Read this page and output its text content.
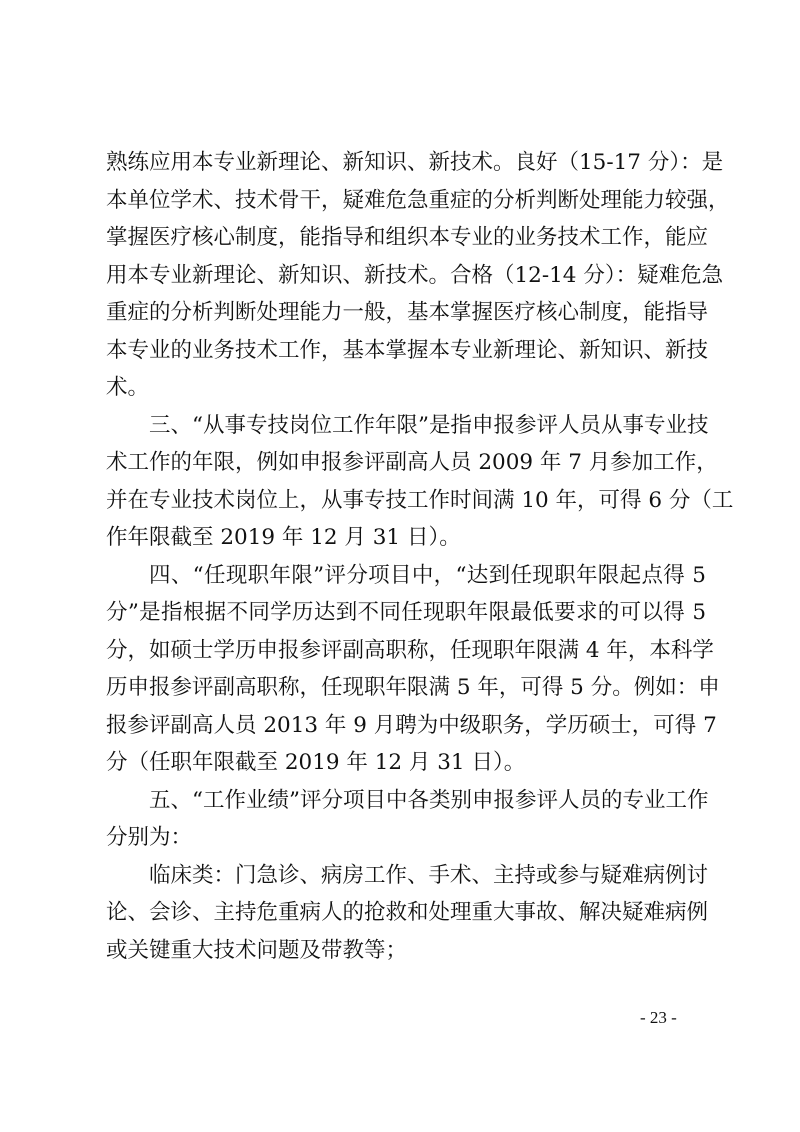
熟练应用本专业新理论、新知识、新技术。良好（15-17 分）：是
本单位学术、技术骨干，疑难危急重症的分析判断处理能力较强，
掌握医疗核心制度，能指导和组织本专业的业务技术工作，能应
用本专业新理论、新知识、新技术。合格（12-14 分）：疑难危急
重症的分析判断处理能力一般，基本掌握医疗核心制度，能指导
本专业的业务技术工作，基本掌握本专业新理论、新知识、新技
术。
三、“从事专技岗位工作年限”是指申报参评人员从事专业技
术工作的年限，例如申报参评副高人员 2009 年 7 月参加工作，
并在专业技术岗位上，从事专技工作时间满 10 年，可得 6 分（工
作年限截至 2019 年 12 月 31 日）。
四、“任现职年限”评分项目中，“达到任现职年限起点得 5
分”是指根据不同学历达到不同任现职年限最低要求的可以得 5
分，如硕士学历申报参评副高职称，任现职年限满 4 年，本科学
历申报参评副高职称，任现职年限满 5 年，可得 5 分。例如：申
报参评副高人员 2013 年 9 月聘为中级职务，学历硕士，可得 7
分（任职年限截至 2019 年 12 月 31 日）。
五、“工作业绩”评分项目中各类别申报参评人员的专业工作
分别为：
临床类：门急诊、病房工作、手术、主持或参与疑难病例讨
论、会诊、主持危重病人的抢救和处理重大事故、解决疑难病例
或关键重大技术问题及带教等；
- 23 -
